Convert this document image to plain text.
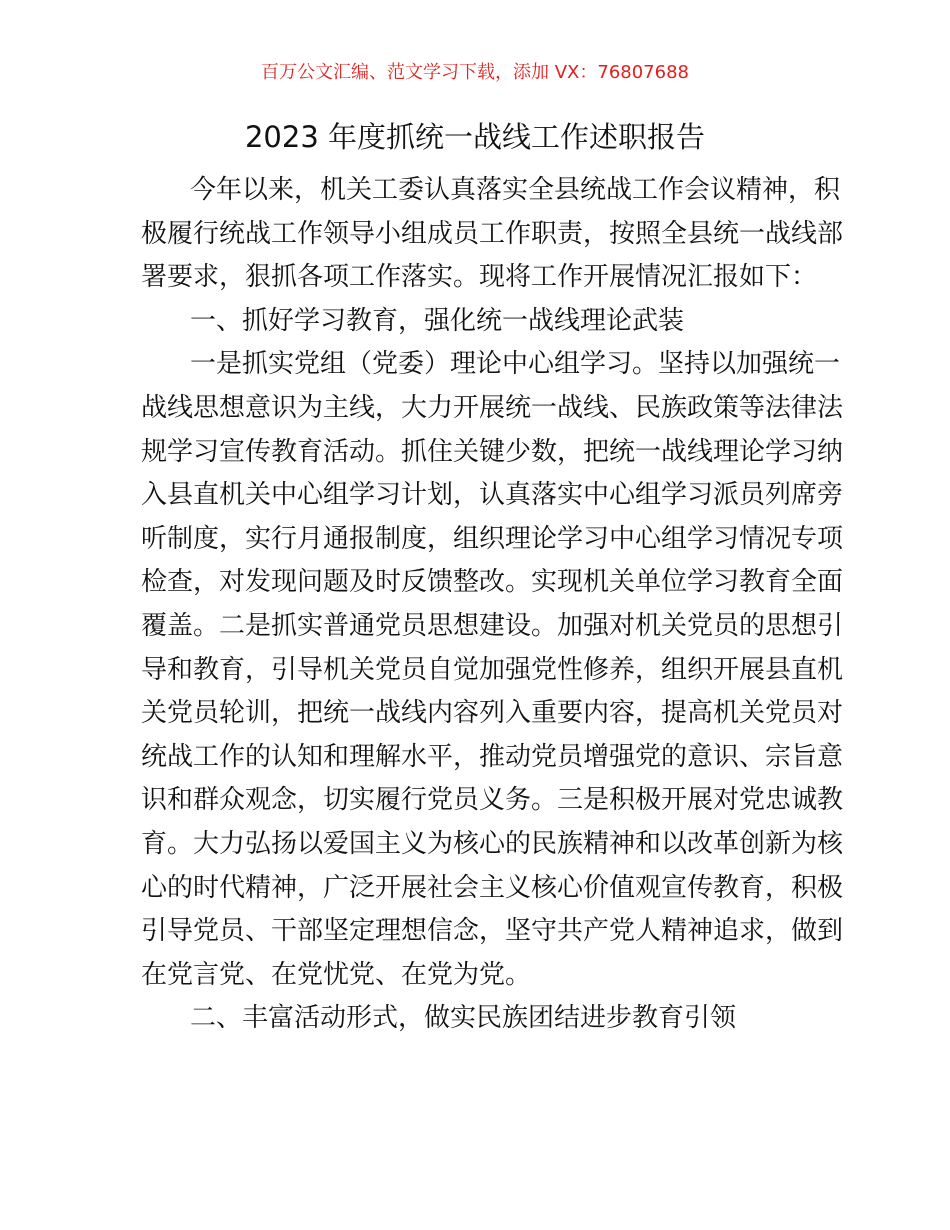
百万公文汇编、范文学习下载，添加 VX：76807688
2023 年度抓统一战线工作述职报告
今年以来，机关工委认真落实全县统战工作会议精神，积
极履行统战工作领导小组成员工作职责，按照全县统一战线部
署要求，狠抓各项工作落实。现将工作开展情况汇报如下：
一、抓好学习教育，强化统一战线理论武装
一是抓实党组（党委）理论中心组学习。坚持以加强统一
战线思想意识为主线，大力开展统一战线、民族政策等法律法
规学习宣传教育活动。抓住关键少数，把统一战线理论学习纳
入县直机关中心组学习计划，认真落实中心组学习派员列席旁
听制度，实行月通报制度，组织理论学习中心组学习情况专项
检查，对发现问题及时反馈整改。实现机关单位学习教育全面
覆盖。二是抓实普通党员思想建设。加强对机关党员的思想引
导和教育，引导机关党员自觉加强党性修养，组织开展县直机
关党员轮训，把统一战线内容列入重要内容，提高机关党员对
统战工作的认知和理解水平，推动党员增强党的意识、宗旨意
识和群众观念，切实履行党员义务。三是积极开展对党忠诚教
育。大力弘扬以爱国主义为核心的民族精神和以改革创新为核
心的时代精神，广泛开展社会主义核心价值观宣传教育，积极
引导党员、干部坚定理想信念，坚守共产党人精神追求，做到
在党言党、在党忧党、在党为党。
二、丰富活动形式，做实民族团结进步教育引领
